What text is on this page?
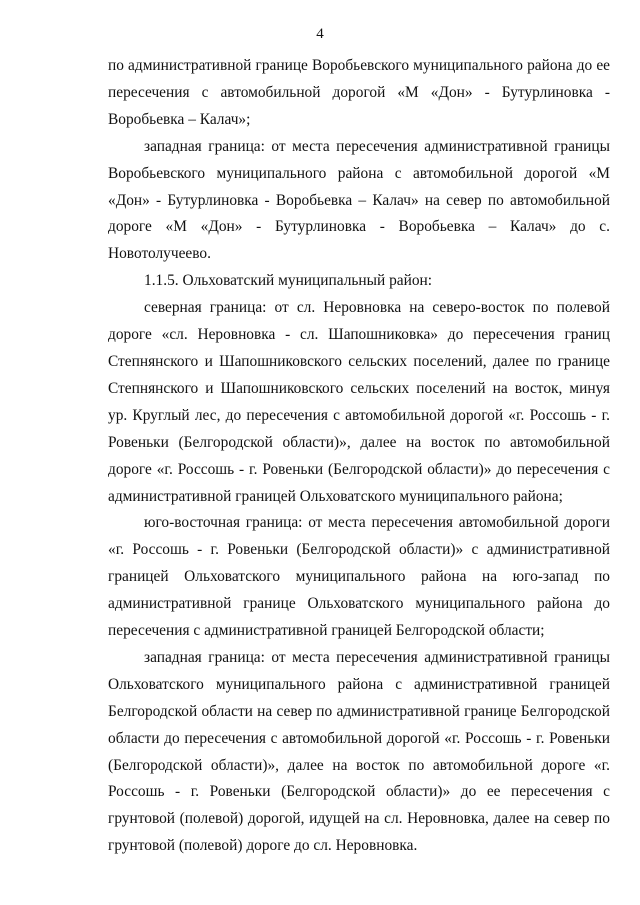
4

по административной границе Воробьевского муниципального района до ее пересечения с автомобильной дорогой «М «Дон» - Бутурлиновка - Воробьевка – Калач»;

западная граница: от места пересечения административной границы Воробьевского муниципального района с автомобильной дорогой «М «Дон» - Бутурлиновка - Воробьевка – Калач» на север по автомобильной дороге «М «Дон» - Бутурлиновка - Воробьевка – Калач» до с. Новотолучеево.

1.1.5. Ольховатский муниципальный район:

северная граница: от сл. Неровновка на северо-восток по полевой дороге «сл. Неровновка - сл. Шапошниковка» до пересечения границ Степнянского и Шапошниковского сельских поселений, далее по границе Степнянского и Шапошниковского сельских поселений на восток, минуя ур. Круглый лес, до пересечения с автомобильной дорогой «г. Россошь - г. Ровеньки (Белгородской области)», далее на восток по автомобильной дороге «г. Россошь - г. Ровеньки (Белгородской области)» до пересечения с административной границей Ольховатского муниципального района;

юго-восточная граница: от места пересечения автомобильной дороги «г. Россошь - г. Ровеньки (Белгородской области)» с административной границей Ольховатского муниципального района на юго-запад по административной границе Ольховатского муниципального района до пересечения с административной границей Белгородской области;

западная граница: от места пересечения административной границы Ольховатского муниципального района с административной границей Белгородской области на север по административной границе Белгородской области до пересечения с автомобильной дорогой «г. Россошь - г. Ровеньки (Белгородской области)», далее на восток по автомобильной дороге «г. Россошь - г. Ровеньки (Белгородской области)» до ее пересечения с грунтовой (полевой) дорогой, идущей на сл. Неровновка, далее на север по грунтовой (полевой) дороге до сл. Неровновка.
